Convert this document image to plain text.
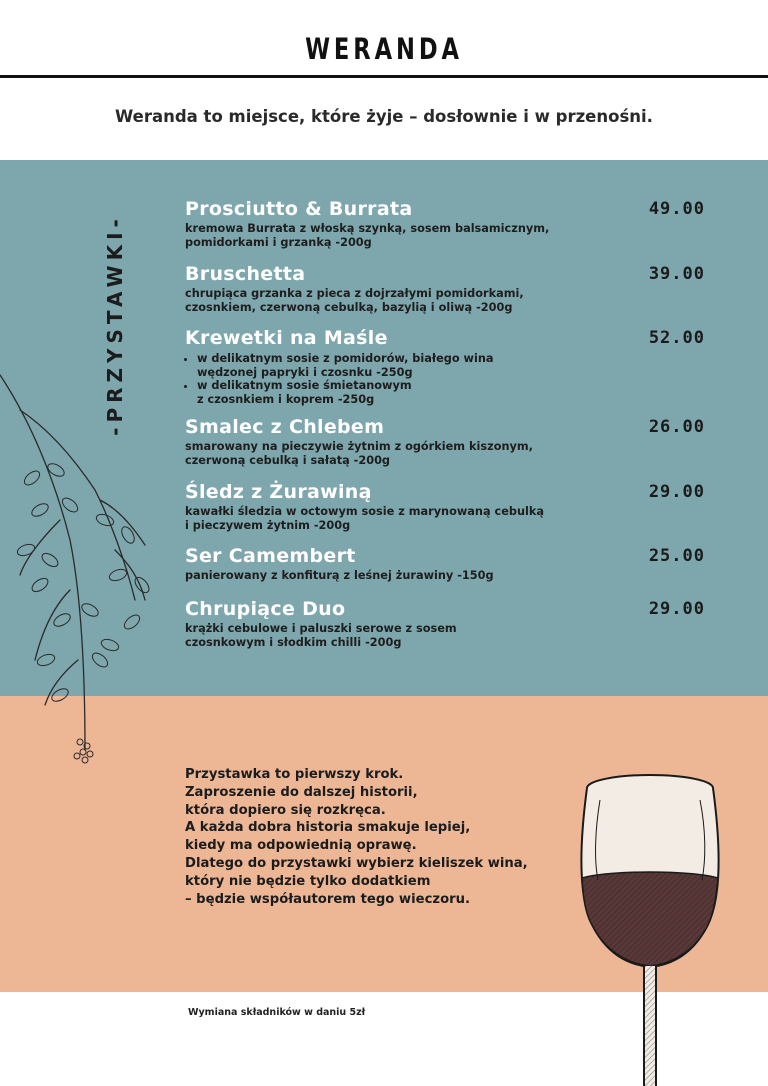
WERANDA
Weranda to miejsce, które żyje – dosłownie i w przenośni.
-PRZYSTAWKI-
Prosciutto & Burrata	49.00
kremowa Burrata z włoską szynką, sosem balsamicznym,
pomidorkami i grzanką -200g
Bruschetta	39.00
chrupiąca grzanka z pieca z dojrzałymi pomidorkami,
czosnkiem, czerwoną cebulką, bazylią i oliwą -200g
Krewetki na Maśle	52.00
• w delikatnym sosie z pomidorów, białego wina
wędzonej papryki i czosnku -250g
• w delikatnym sosie śmietanowym
z czosnkiem i koprem -250g
Smalec z Chlebem	26.00
smarowany na pieczywie żytnim z ogórkiem kiszonym,
czerwoną cebulką i sałatą -200g
Śledz z Żurawiną	29.00
kawałki śledzia w octowym sosie z marynowaną cebulką
i pieczywem żytnim -200g
Ser Camembert	25.00
panierowany z konfiturą z leśnej żurawiny -150g
Chrupiące Duo	29.00
krążki cebulowe i paluszki serowe z sosem
czosnkowym i słodkim chilli -200g
Przystawka to pierwszy krok.
Zaproszenie do dalszej historii,
która dopiero się rozkręca.
A każda dobra historia smakuje lepiej,
kiedy ma odpowiednią oprawę.
Dlatego do przystawki wybierz kieliszek wina,
który nie będzie tylko dodatkiem
– będzie współautorem tego wieczoru.
Wymiana składników w daniu 5zł
